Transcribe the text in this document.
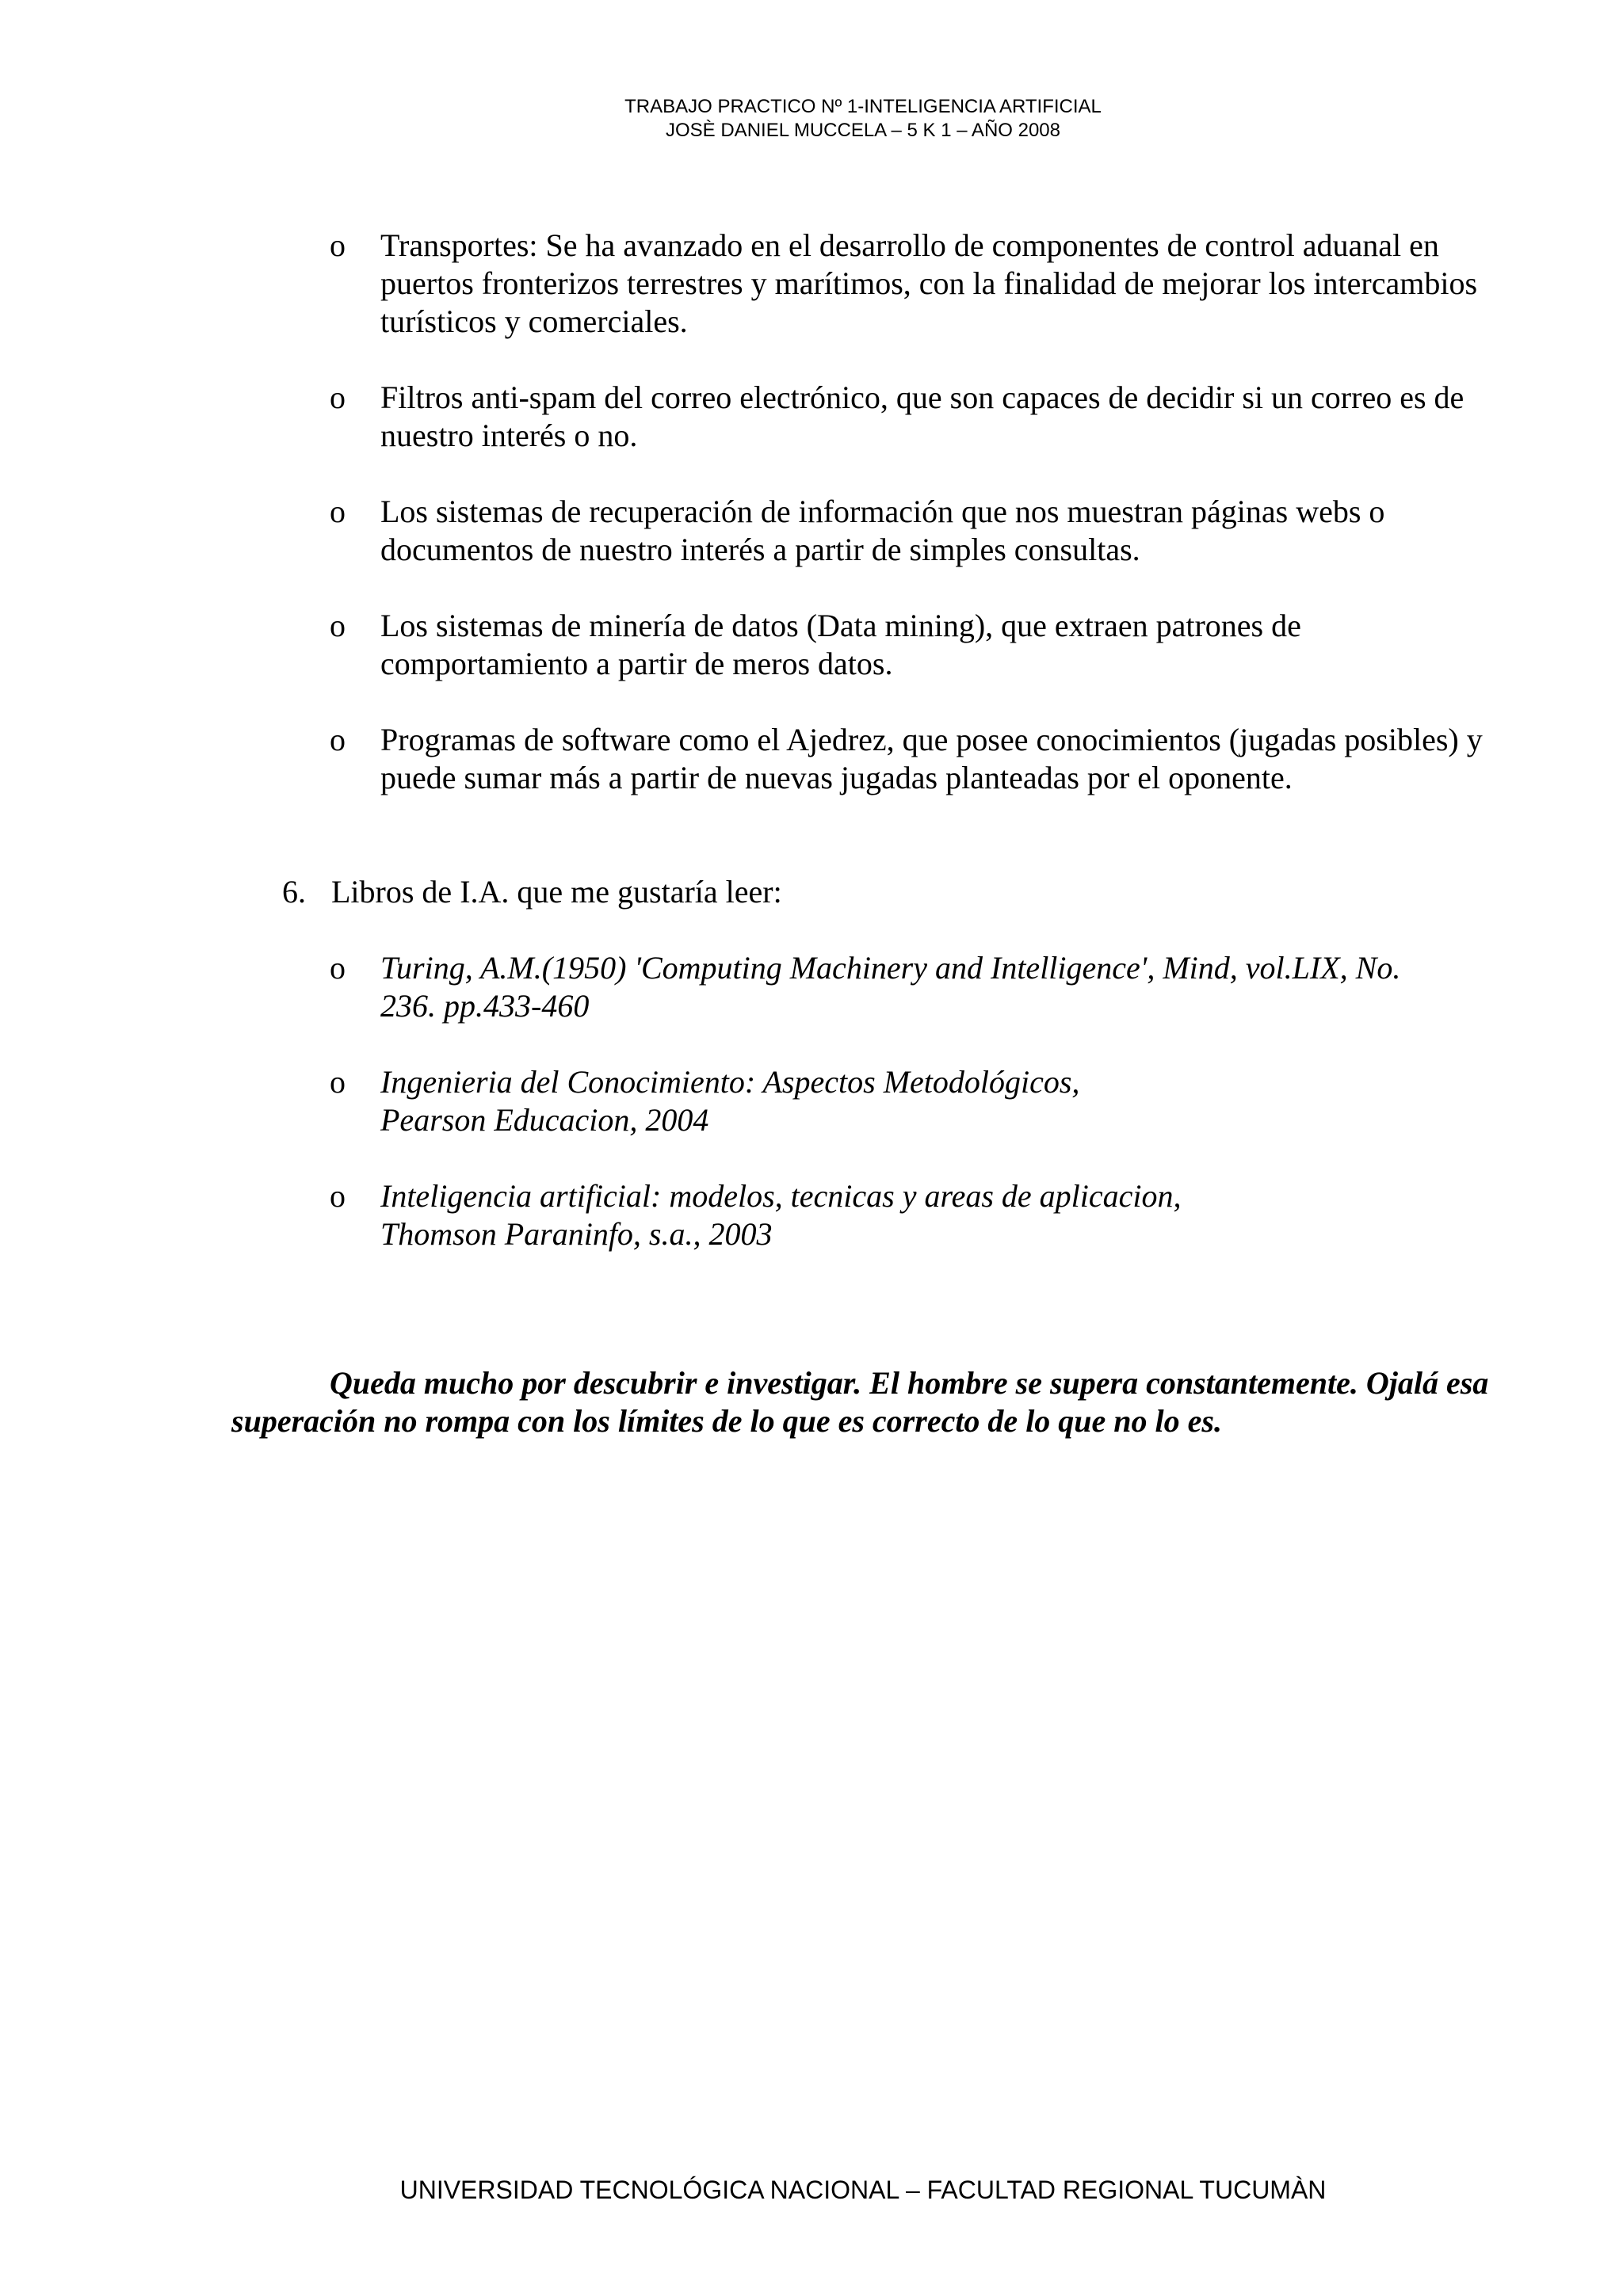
TRABAJO PRACTICO Nº 1-INTELIGENCIA ARTIFICIAL
JOSÈ DANIEL MUCCELA – 5 K 1 – AÑO 2008
o Transportes: Se ha avanzado en el desarrollo de componentes de control aduanal en puertos fronterizos terrestres y marítimos, con la finalidad de mejorar los intercambios turísticos y comerciales.
o Filtros anti-spam del correo electrónico, que son capaces de decidir si un correo es de nuestro interés o no.
o Los sistemas de recuperación de información que nos muestran páginas webs o documentos de nuestro interés a partir de simples consultas.
o Los sistemas de minería de datos (Data mining), que extraen patrones de comportamiento a partir de meros datos.
o Programas de software como el Ajedrez, que posee conocimientos (jugadas posibles) y puede sumar más a partir de nuevas jugadas planteadas por el oponente.
6. Libros de I.A. que me gustaría leer:
o Turing, A.M.(1950) 'Computing Machinery and Intelligence', Mind, vol.LIX, No.
236. pp.433-460
o Ingenieria del Conocimiento: Aspectos Metodológicos,
Pearson Educacion, 2004
o Inteligencia artificial: modelos, tecnicas y areas de aplicacion,
Thomson Paraninfo, s.a., 2003
Queda mucho por descubrir e investigar. El hombre se supera constantemente. Ojalá esa superación no rompa con los límites de lo que es correcto de lo que no lo es.
UNIVERSIDAD TECNOLÓGICA NACIONAL – FACULTAD REGIONAL TUCUMÀN
